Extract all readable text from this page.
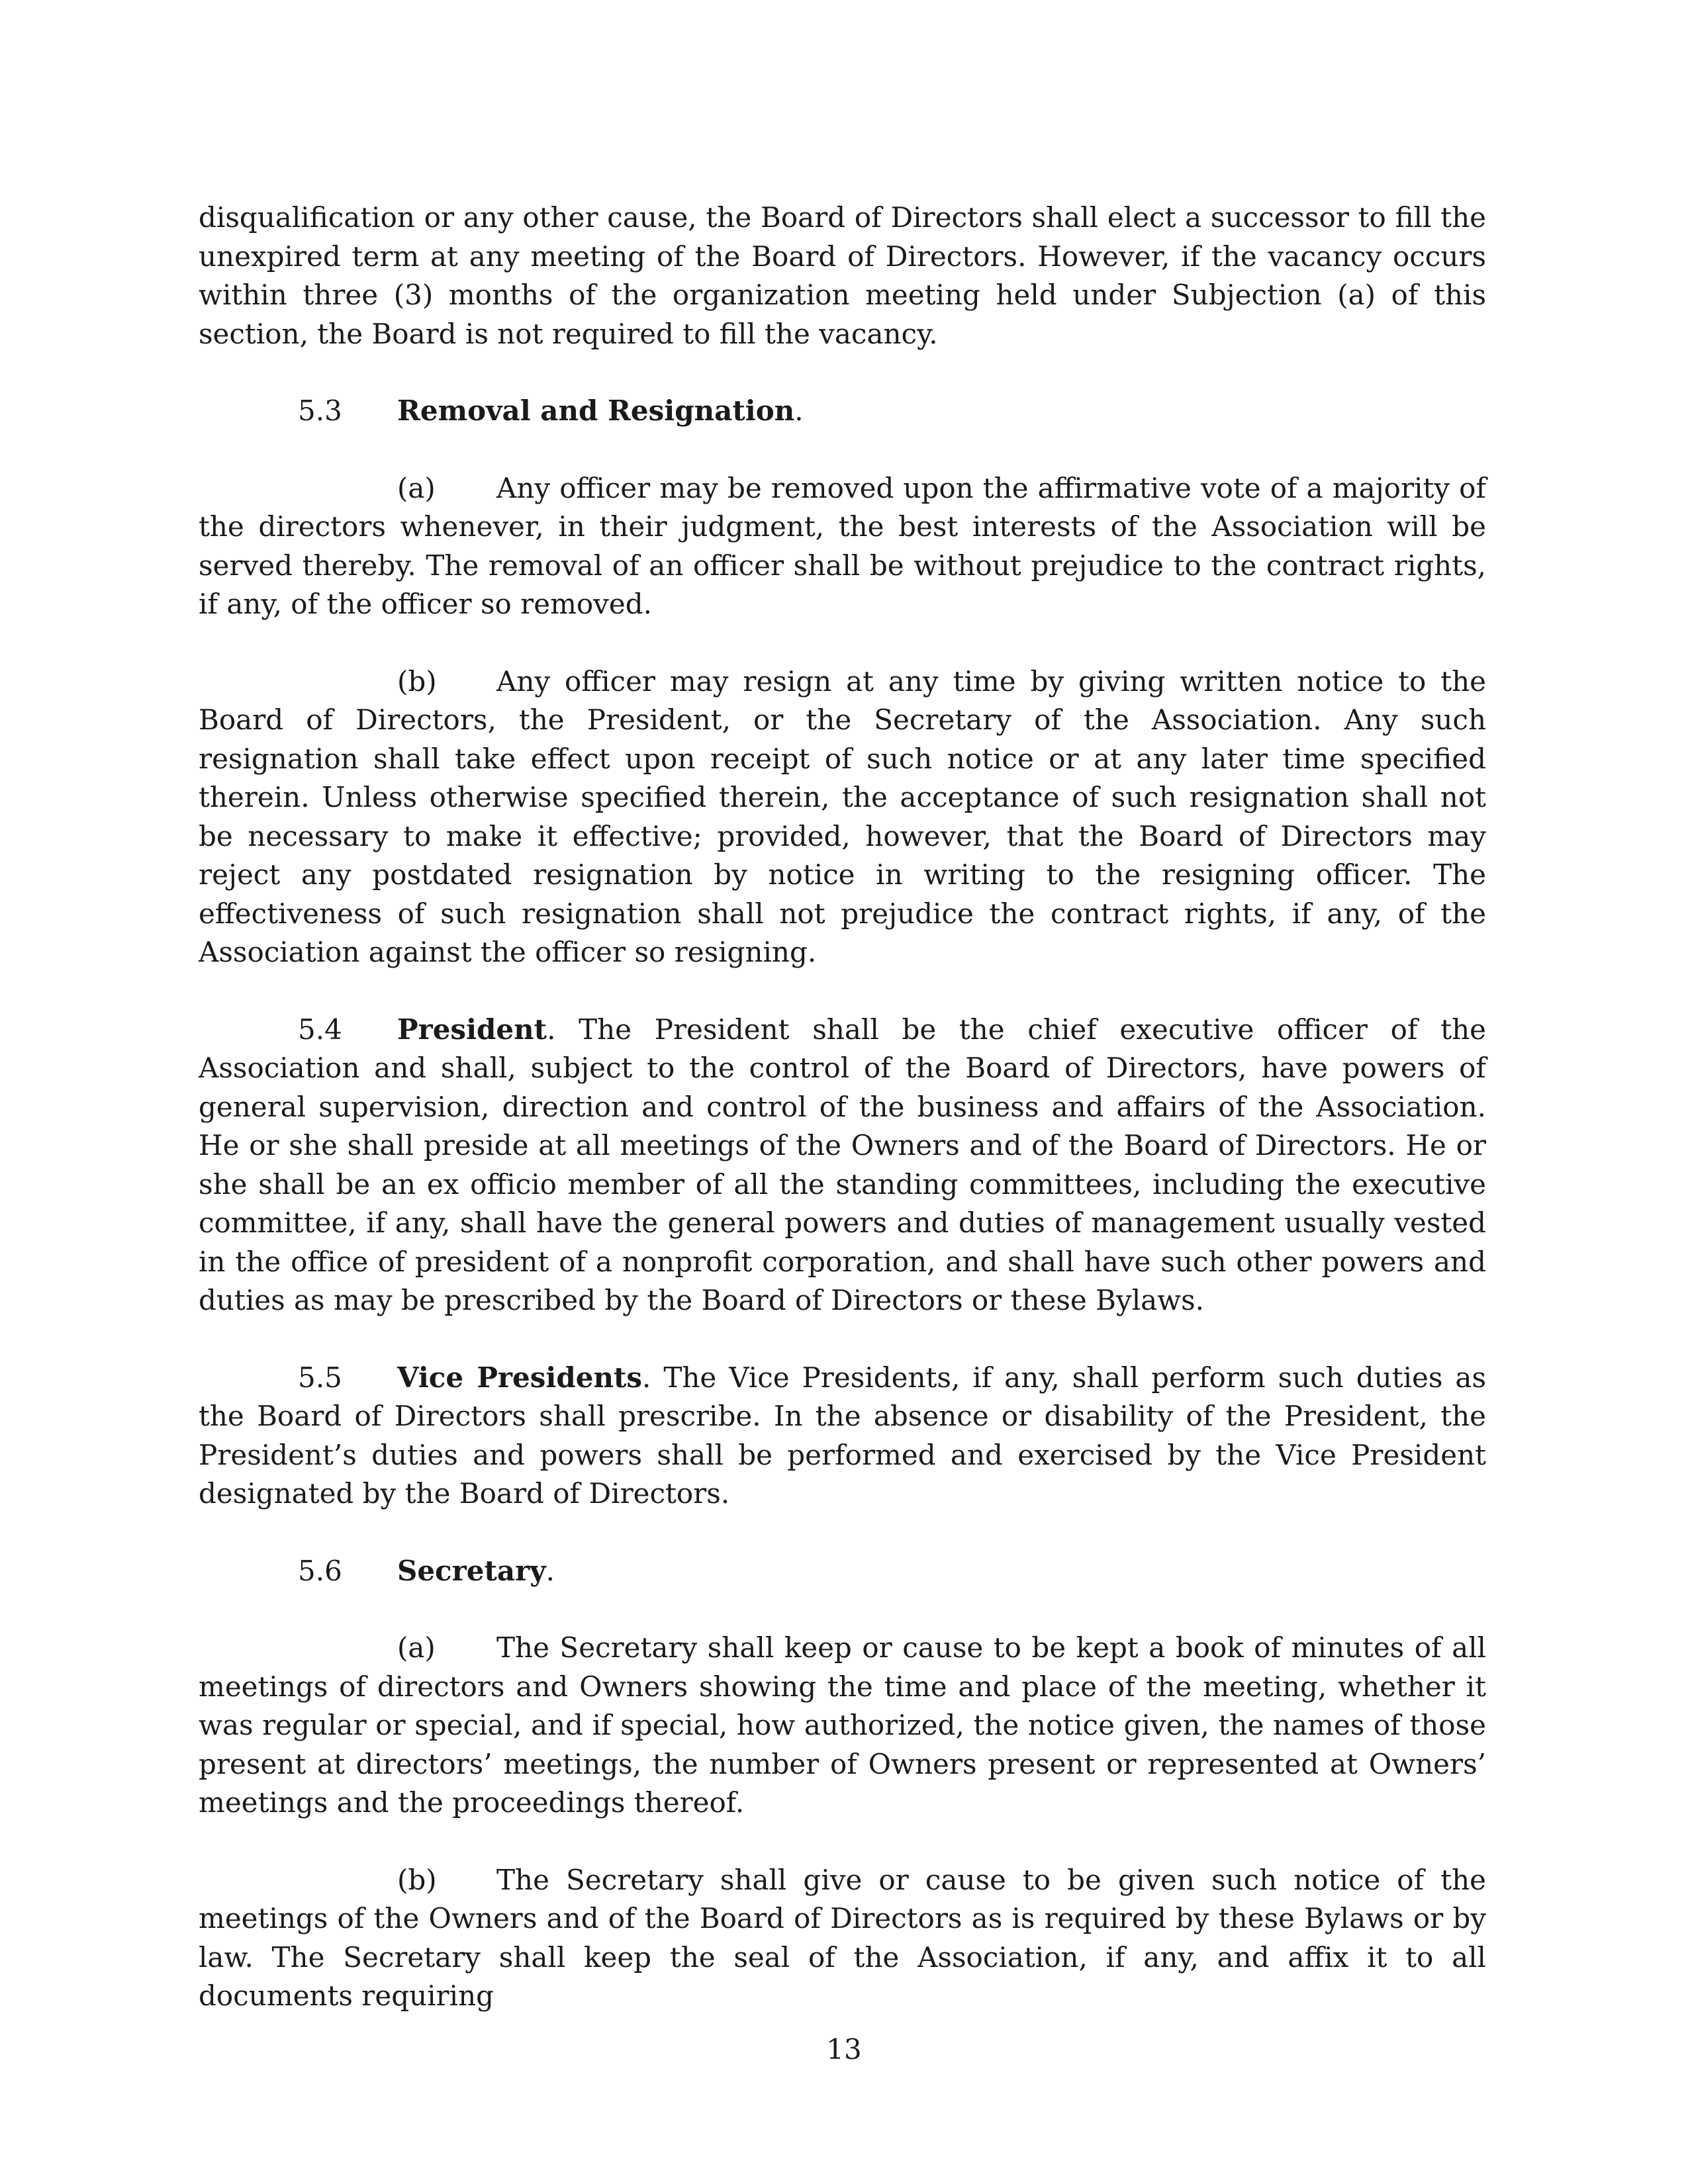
disqualification or any other cause, the Board of Directors shall elect a successor to fill the unexpired term at any meeting of the Board of Directors. However, if the vacancy occurs within three (3) months of the organization meeting held under Subjection (a) of this section, the Board is not required to fill the vacancy.

5.3 Removal and Resignation.

(a) Any officer may be removed upon the affirmative vote of a majority of the directors whenever, in their judgment, the best interests of the Association will be served thereby. The removal of an officer shall be without prejudice to the contract rights, if any, of the officer so removed.

(b) Any officer may resign at any time by giving written notice to the Board of Directors, the President, or the Secretary of the Association. Any such resignation shall take effect upon receipt of such notice or at any later time specified therein. Unless otherwise specified therein, the acceptance of such resignation shall not be necessary to make it effective; provided, however, that the Board of Directors may reject any postdated resignation by notice in writing to the resigning officer. The effectiveness of such resignation shall not prejudice the contract rights, if any, of the Association against the officer so resigning.

5.4 President. The President shall be the chief executive officer of the Association and shall, subject to the control of the Board of Directors, have powers of general supervision, direction and control of the business and affairs of the Association. He or she shall preside at all meetings of the Owners and of the Board of Directors. He or she shall be an ex officio member of all the standing committees, including the executive committee, if any, shall have the general powers and duties of management usually vested in the office of president of a nonprofit corporation, and shall have such other powers and duties as may be prescribed by the Board of Directors or these Bylaws.

5.5 Vice Presidents. The Vice Presidents, if any, shall perform such duties as the Board of Directors shall prescribe. In the absence or disability of the President, the President’s duties and powers shall be performed and exercised by the Vice President designated by the Board of Directors.

5.6 Secretary.

(a) The Secretary shall keep or cause to be kept a book of minutes of all meetings of directors and Owners showing the time and place of the meeting, whether it was regular or special, and if special, how authorized, the notice given, the names of those present at directors’ meetings, the number of Owners present or represented at Owners’ meetings and the proceedings thereof.

(b) The Secretary shall give or cause to be given such notice of the meetings of the Owners and of the Board of Directors as is required by these Bylaws or by law. The Secretary shall keep the seal of the Association, if any, and affix it to all documents requiring

13
